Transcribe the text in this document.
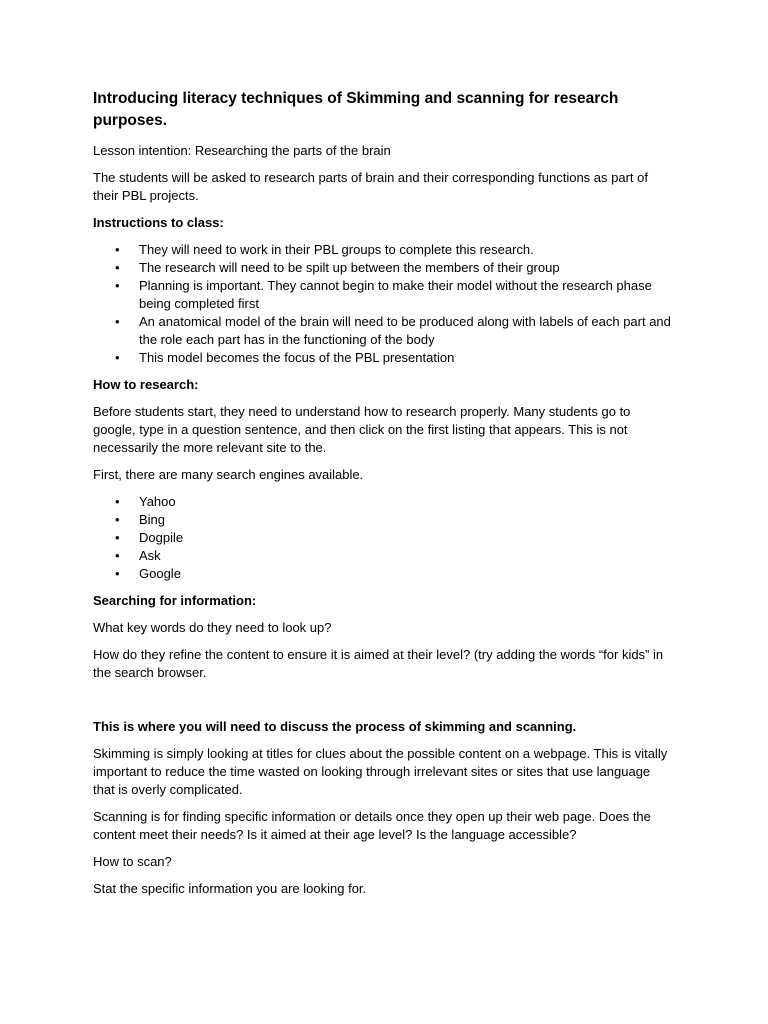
Introducing literacy techniques of Skimming and scanning for research purposes.

Lesson intention: Researching the parts of the brain

The students will be asked to research parts of brain and their corresponding functions as part of their PBL projects.

Instructions to class:
• They will need to work in their PBL groups to complete this research.
• The research will need to be spilt up between the members of their group
• Planning is important. They cannot begin to make their model without the research phase being completed first
• An anatomical model of the brain will need to be produced along with labels of each part and the role each part has in the functioning of the body
• This model becomes the focus of the PBL presentation
How to research:

Before students start, they need to understand how to research properly. Many students go to google, type in a question sentence, and then click on the first listing that appears. This is not necessarily the more relevant site to the.

First, there are many search engines available.

• Yahoo
• Bing
• Dogpile
• Ask
• Google
Searching for information:

What key words do they need to look up?

How do they refine the content to ensure it is aimed at their level? (try adding the words “for kids” in the search browser.

This is where you will need to discuss the process of skimming and scanning.

Skimming is simply looking at titles for clues about the possible content on a webpage. This is vitally important to reduce the time wasted on looking through irrelevant sites or sites that use language that is overly complicated.

Scanning is for finding specific information or details once they open up their web page. Does the content meet their needs? Is it aimed at their age level? Is the language accessible?

How to scan?

Stat the specific information you are looking for.
